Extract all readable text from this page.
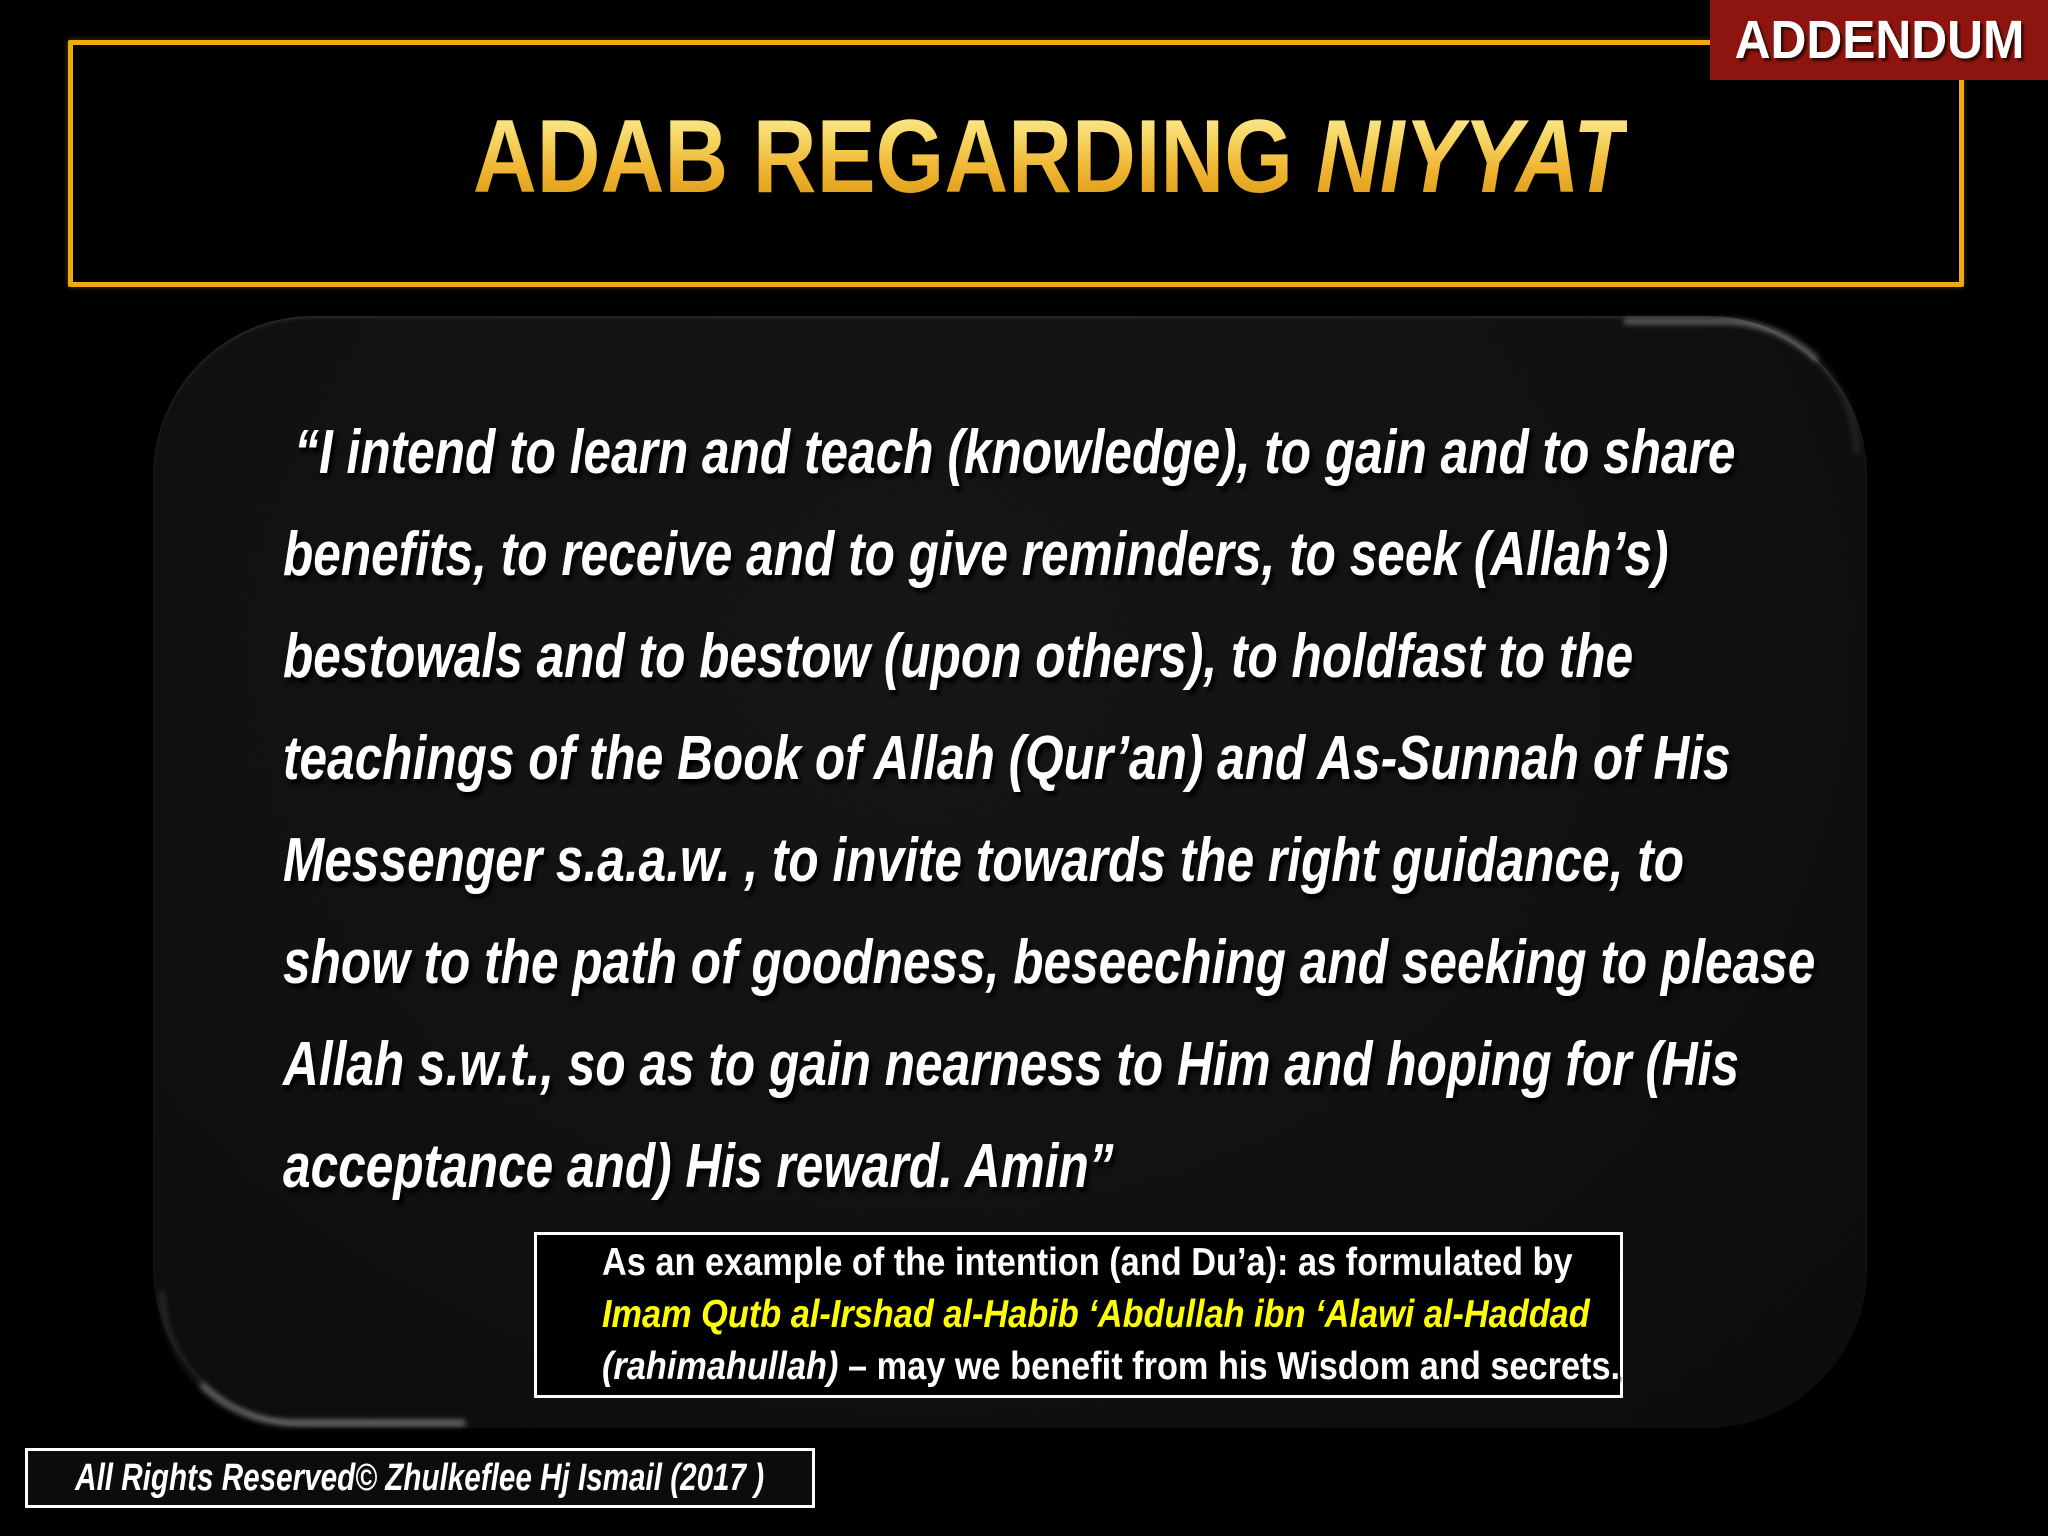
ADAB REGARDING NIYYAT
ADDENDUM
“I intend to learn and teach (knowledge), to gain and to share
benefits, to receive and to give reminders, to seek (Allah’s)
bestowals and to bestow (upon others), to holdfast to the
teachings of the Book of Allah (Qur’an) and As-Sunnah of His
Messenger s.a.a.w. , to invite towards the right guidance, to
show to the path of goodness, beseeching and seeking to please
Allah s.w.t., so as to gain nearness to Him and hoping for (His
acceptance and) His reward. Amin”
As an example of the intention (and Du’a): as formulated by
Imam Qutb al-Irshad al-Habib ‘Abdullah ibn ‘Alawi al-Haddad
(rahimahullah) – may we benefit from his Wisdom and secrets.
All Rights Reserved© Zhulkeflee Hj Ismail (2017 )
